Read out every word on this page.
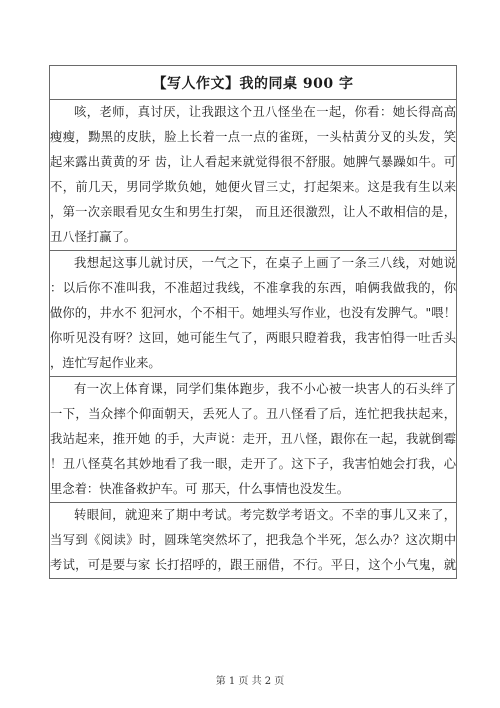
【写人作文】我的同桌 900 字

咳，老师，真讨厌，让我跟这个丑八怪坐在一起，你看：她长得高高
瘦瘦，黝黑的皮肤，脸上长着一点一点的雀斑，一头枯黄分叉的头发，笑
起来露出黄黄的牙 齿，让人看起来就觉得很不舒服。她脾气暴躁如牛。可
不，前几天，男同学欺负她，她便火冒三丈，打起架来。这是我有生以来
，第一次亲眼看见女生和男生打架， 而且还很激烈，让人不敢相信的是，
丑八怪打赢了。

我想起这事儿就讨厌，一气之下，在桌子上画了一条三八线，对她说
：以后你不准叫我，不准超过我线，不准拿我的东西，咱俩我做我的，你
做你的，井水不 犯河水，个不相干。她埋头写作业，也没有发脾气。"喂！
你听见没有呀？这回，她可能生气了，两眼只瞪着我，我害怕得一吐舌头
，连忙写起作业来。

有一次上体育课，同学们集体跑步，我不小心被一块害人的石头绊了
一下，当众摔个仰面朝天，丢死人了。丑八怪看了后，连忙把我扶起来，
我站起来，推开她 的手，大声说：走开，丑八怪，跟你在一起，我就倒霉
！丑八怪莫名其妙地看了我一眼，走开了。这下子，我害怕她会打我，心
里念着：快准备救护车。可 那天，什么事情也没发生。

转眼间，就迎来了期中考试。考完数学考语文。不幸的事儿又来了，
当写到《阅读》时，圆珠笔突然坏了，把我急个半死，怎么办？这次期中
考试，可是要与家 长打招呼的，跟王丽借，不行。平日，这个小气鬼，就
第 1 页 共 2 页
